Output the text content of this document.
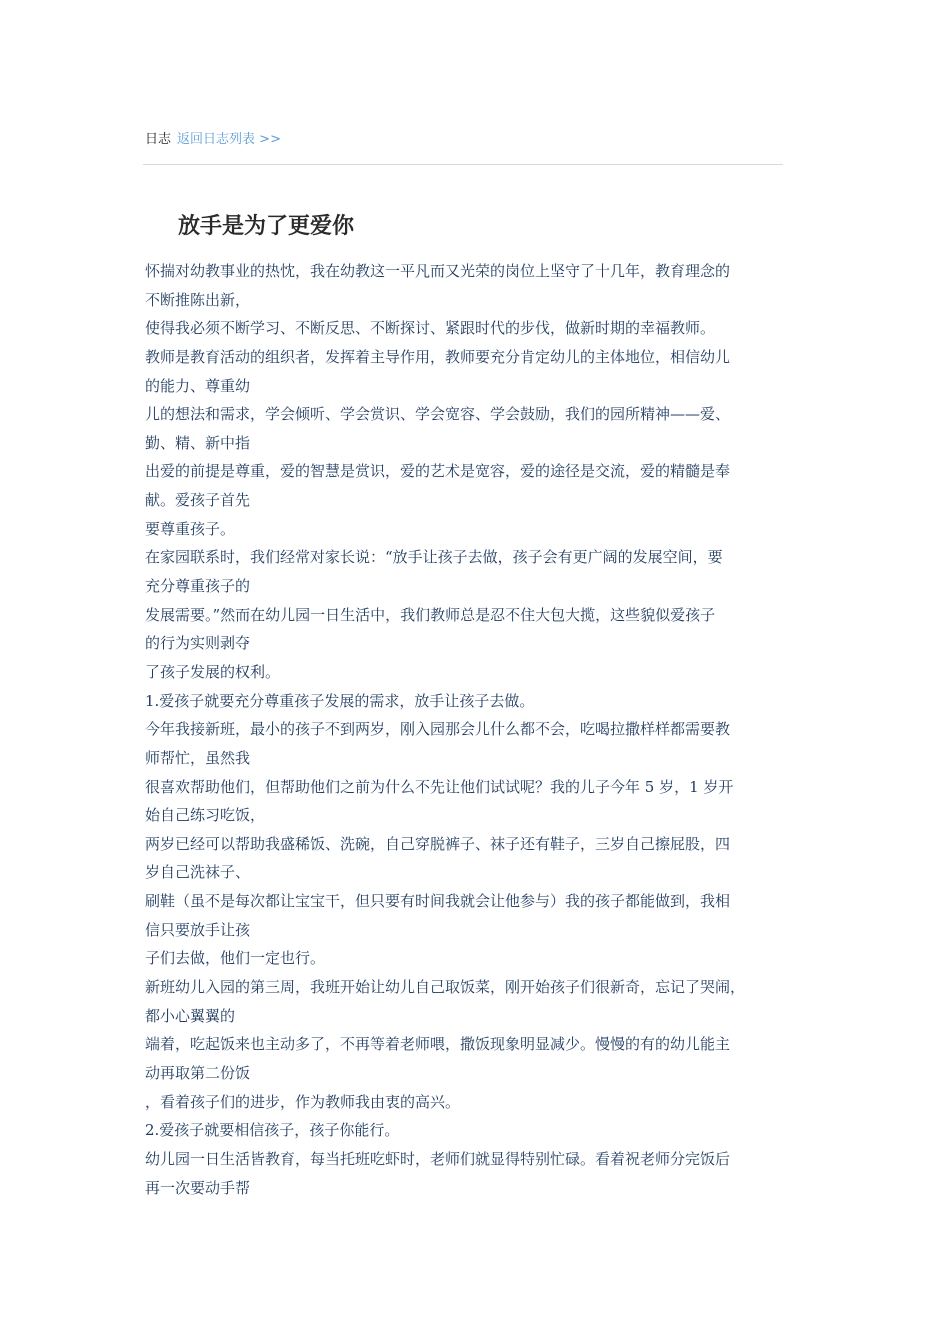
日志 返回日志列表 >>
放手是为了更爱你
怀揣对幼教事业的热忱，我在幼教这一平凡而又光荣的岗位上坚守了十几年，教育理念的
不断推陈出新，
使得我必须不断学习、不断反思、不断探讨、紧跟时代的步伐，做新时期的幸福教师。
教师是教育活动的组织者，发挥着主导作用，教师要充分肯定幼儿的主体地位，相信幼儿
的能力、尊重幼
儿的想法和需求，学会倾听、学会赏识、学会宽容、学会鼓励，我们的园所精神——爱、
勤、精、新中指
出爱的前提是尊重，爱的智慧是赏识，爱的艺术是宽容，爱的途径是交流，爱的精髓是奉
献。爱孩子首先
要尊重孩子。
在家园联系时，我们经常对家长说：“放手让孩子去做，孩子会有更广阔的发展空间，要
充分尊重孩子的
发展需要。”然而在幼儿园一日生活中，我们教师总是忍不住大包大揽，这些貌似爱孩子
的行为实则剥夺
了孩子发展的权利。
1.爱孩子就要充分尊重孩子发展的需求，放手让孩子去做。
今年我接新班，最小的孩子不到两岁，刚入园那会儿什么都不会，吃喝拉撒样样都需要教
师帮忙，虽然我
很喜欢帮助他们，但帮助他们之前为什么不先让他们试试呢？我的儿子今年 5 岁，1 岁开
始自己练习吃饭，
两岁已经可以帮助我盛稀饭、洗碗，自己穿脱裤子、袜子还有鞋子，三岁自己擦屁股，四
岁自己洗袜子、
刷鞋（虽不是每次都让宝宝干，但只要有时间我就会让他参与）我的孩子都能做到，我相
信只要放手让孩
子们去做，他们一定也行。
新班幼儿入园的第三周，我班开始让幼儿自己取饭菜，刚开始孩子们很新奇，忘记了哭闹，
都小心翼翼的
端着，吃起饭来也主动多了，不再等着老师喂，撒饭现象明显减少。慢慢的有的幼儿能主
动再取第二份饭
，看着孩子们的进步，作为教师我由衷的高兴。
2.爱孩子就要相信孩子，孩子你能行。
幼儿园一日生活皆教育，每当托班吃虾时，老师们就显得特别忙碌。看着祝老师分完饭后
再一次要动手帮
